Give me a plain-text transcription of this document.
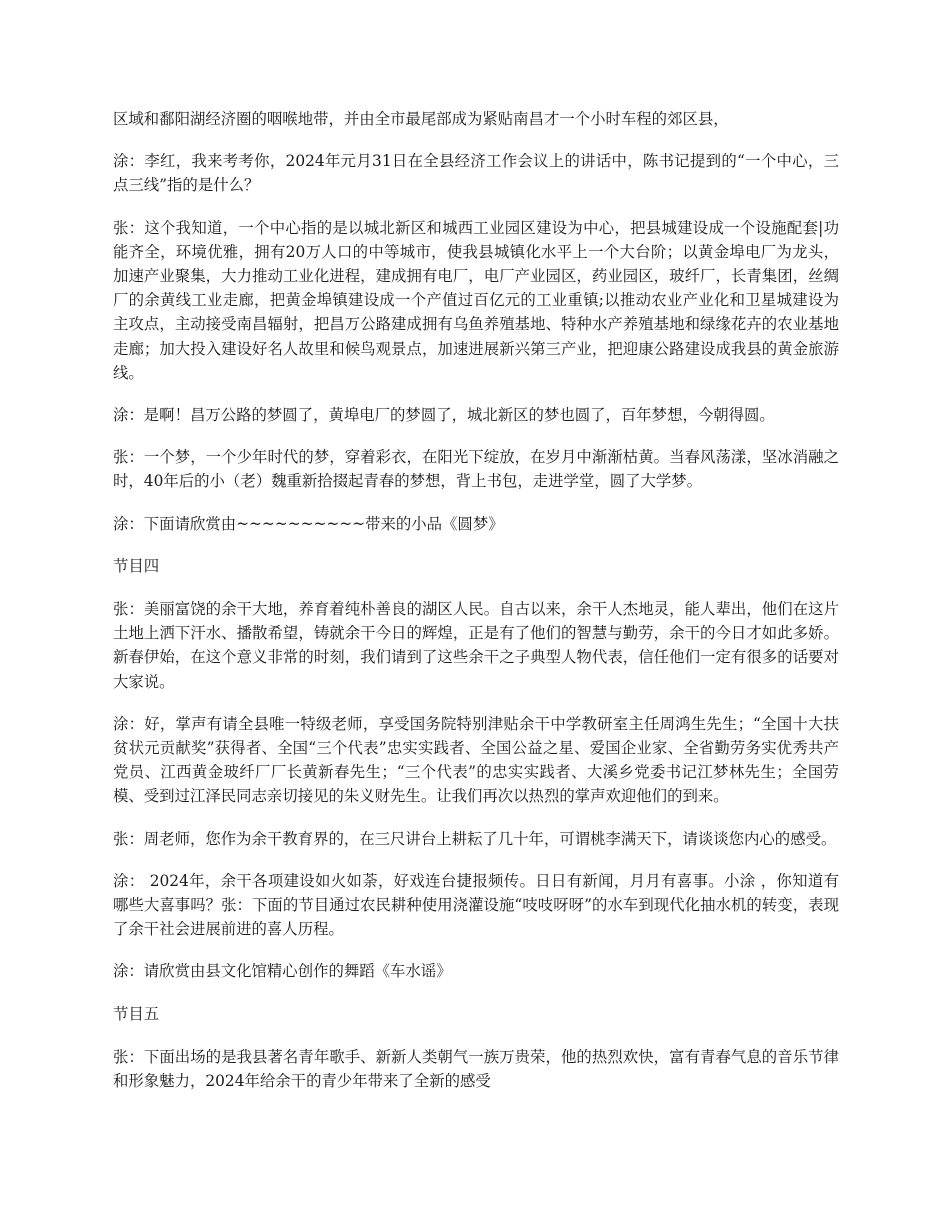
区域和鄱阳湖经济圈的咽喉地带，并由全市最尾部成为紧贴南昌才一个小时车程的郊区县，

涂：李红，我来考考你，2024年元月31日在全县经济工作会议上的讲话中，陈书记提到的“一个中心，三点三线”指的是什么？

张：这个我知道，一个中心指的是以城北新区和城西工业园区建设为中心，把县城建设成一个设施配套|功能齐全，环境优雅，拥有20万人口的中等城市，使我县城镇化水平上一个大台阶；以黄金埠电厂为龙头，加速产业聚集，大力推动工业化进程，建成拥有电厂，电厂产业园区，药业园区，玻纤厂，长青集团，丝绸厂的余黄线工业走廊，把黄金埠镇建设成一个产值过百亿元的工业重镇;以推动农业产业化和卫星城建设为主攻点，主动接受南昌辐射，把昌万公路建成拥有乌鱼养殖基地、特种水产养殖基地和绿缘花卉的农业基地走廊；加大投入建设好名人故里和候鸟观景点，加速进展新兴第三产业，把迎康公路建设成我县的黄金旅游线。

涂：是啊！昌万公路的梦圆了，黄埠电厂的梦圆了，城北新区的梦也圆了，百年梦想，今朝得圆。

张：一个梦，一个少年时代的梦，穿着彩衣，在阳光下绽放，在岁月中渐渐枯黄。当春风荡漾，坚冰消融之时，40年后的小（老）魏重新拾掇起青春的梦想，背上书包，走进学堂，圆了大学梦。

涂：下面请欣赏由~~~~~~~~~~带来的小品《圆梦》

节目四

张：美丽富饶的余干大地，养育着纯朴善良的湖区人民。自古以来，余干人杰地灵，能人辈出，他们在这片土地上洒下汗水、播散希望，铸就余干今日的辉煌，正是有了他们的智慧与勤劳，余干的今日才如此多娇。新春伊始，在这个意义非常的时刻，我们请到了这些余干之子典型人物代表，信任他们一定有很多的话要对大家说。

涂：好，掌声有请全县唯一特级老师，享受国务院特别津贴余干中学教研室主任周鸿生先生；“全国十大扶贫状元贡献奖”获得者、全国“三个代表”忠实实践者、全国公益之星、爱国企业家、全省勤劳务实优秀共产党员、江西黄金玻纤厂厂长黄新春先生；“三个代表”的忠实实践者、大溪乡党委书记江梦林先生；全国劳模、受到过江泽民同志亲切接见的朱义财先生。让我们再次以热烈的掌声欢迎他们的到来。

张：周老师，您作为余干教育界的，在三尺讲台上耕耘了几十年，可谓桃李满天下，请谈谈您内心的感受。

涂： 2024年，余干各项建设如火如荼，好戏连台捷报频传。日日有新闻，月月有喜事。小涂 ，你知道有哪些大喜事吗？张：下面的节目通过农民耕种使用浇灌设施“吱吱呀呀”的水车到现代化抽水机的转变，表现了余干社会进展前进的喜人历程。

涂：请欣赏由县文化馆精心创作的舞蹈《车水谣》

节目五

张：下面出场的是我县著名青年歌手、新新人类朝气一族万贵荣，他的热烈欢快，富有青春气息的音乐节律和形象魅力，2024年给余干的青少年带来了全新的感受
